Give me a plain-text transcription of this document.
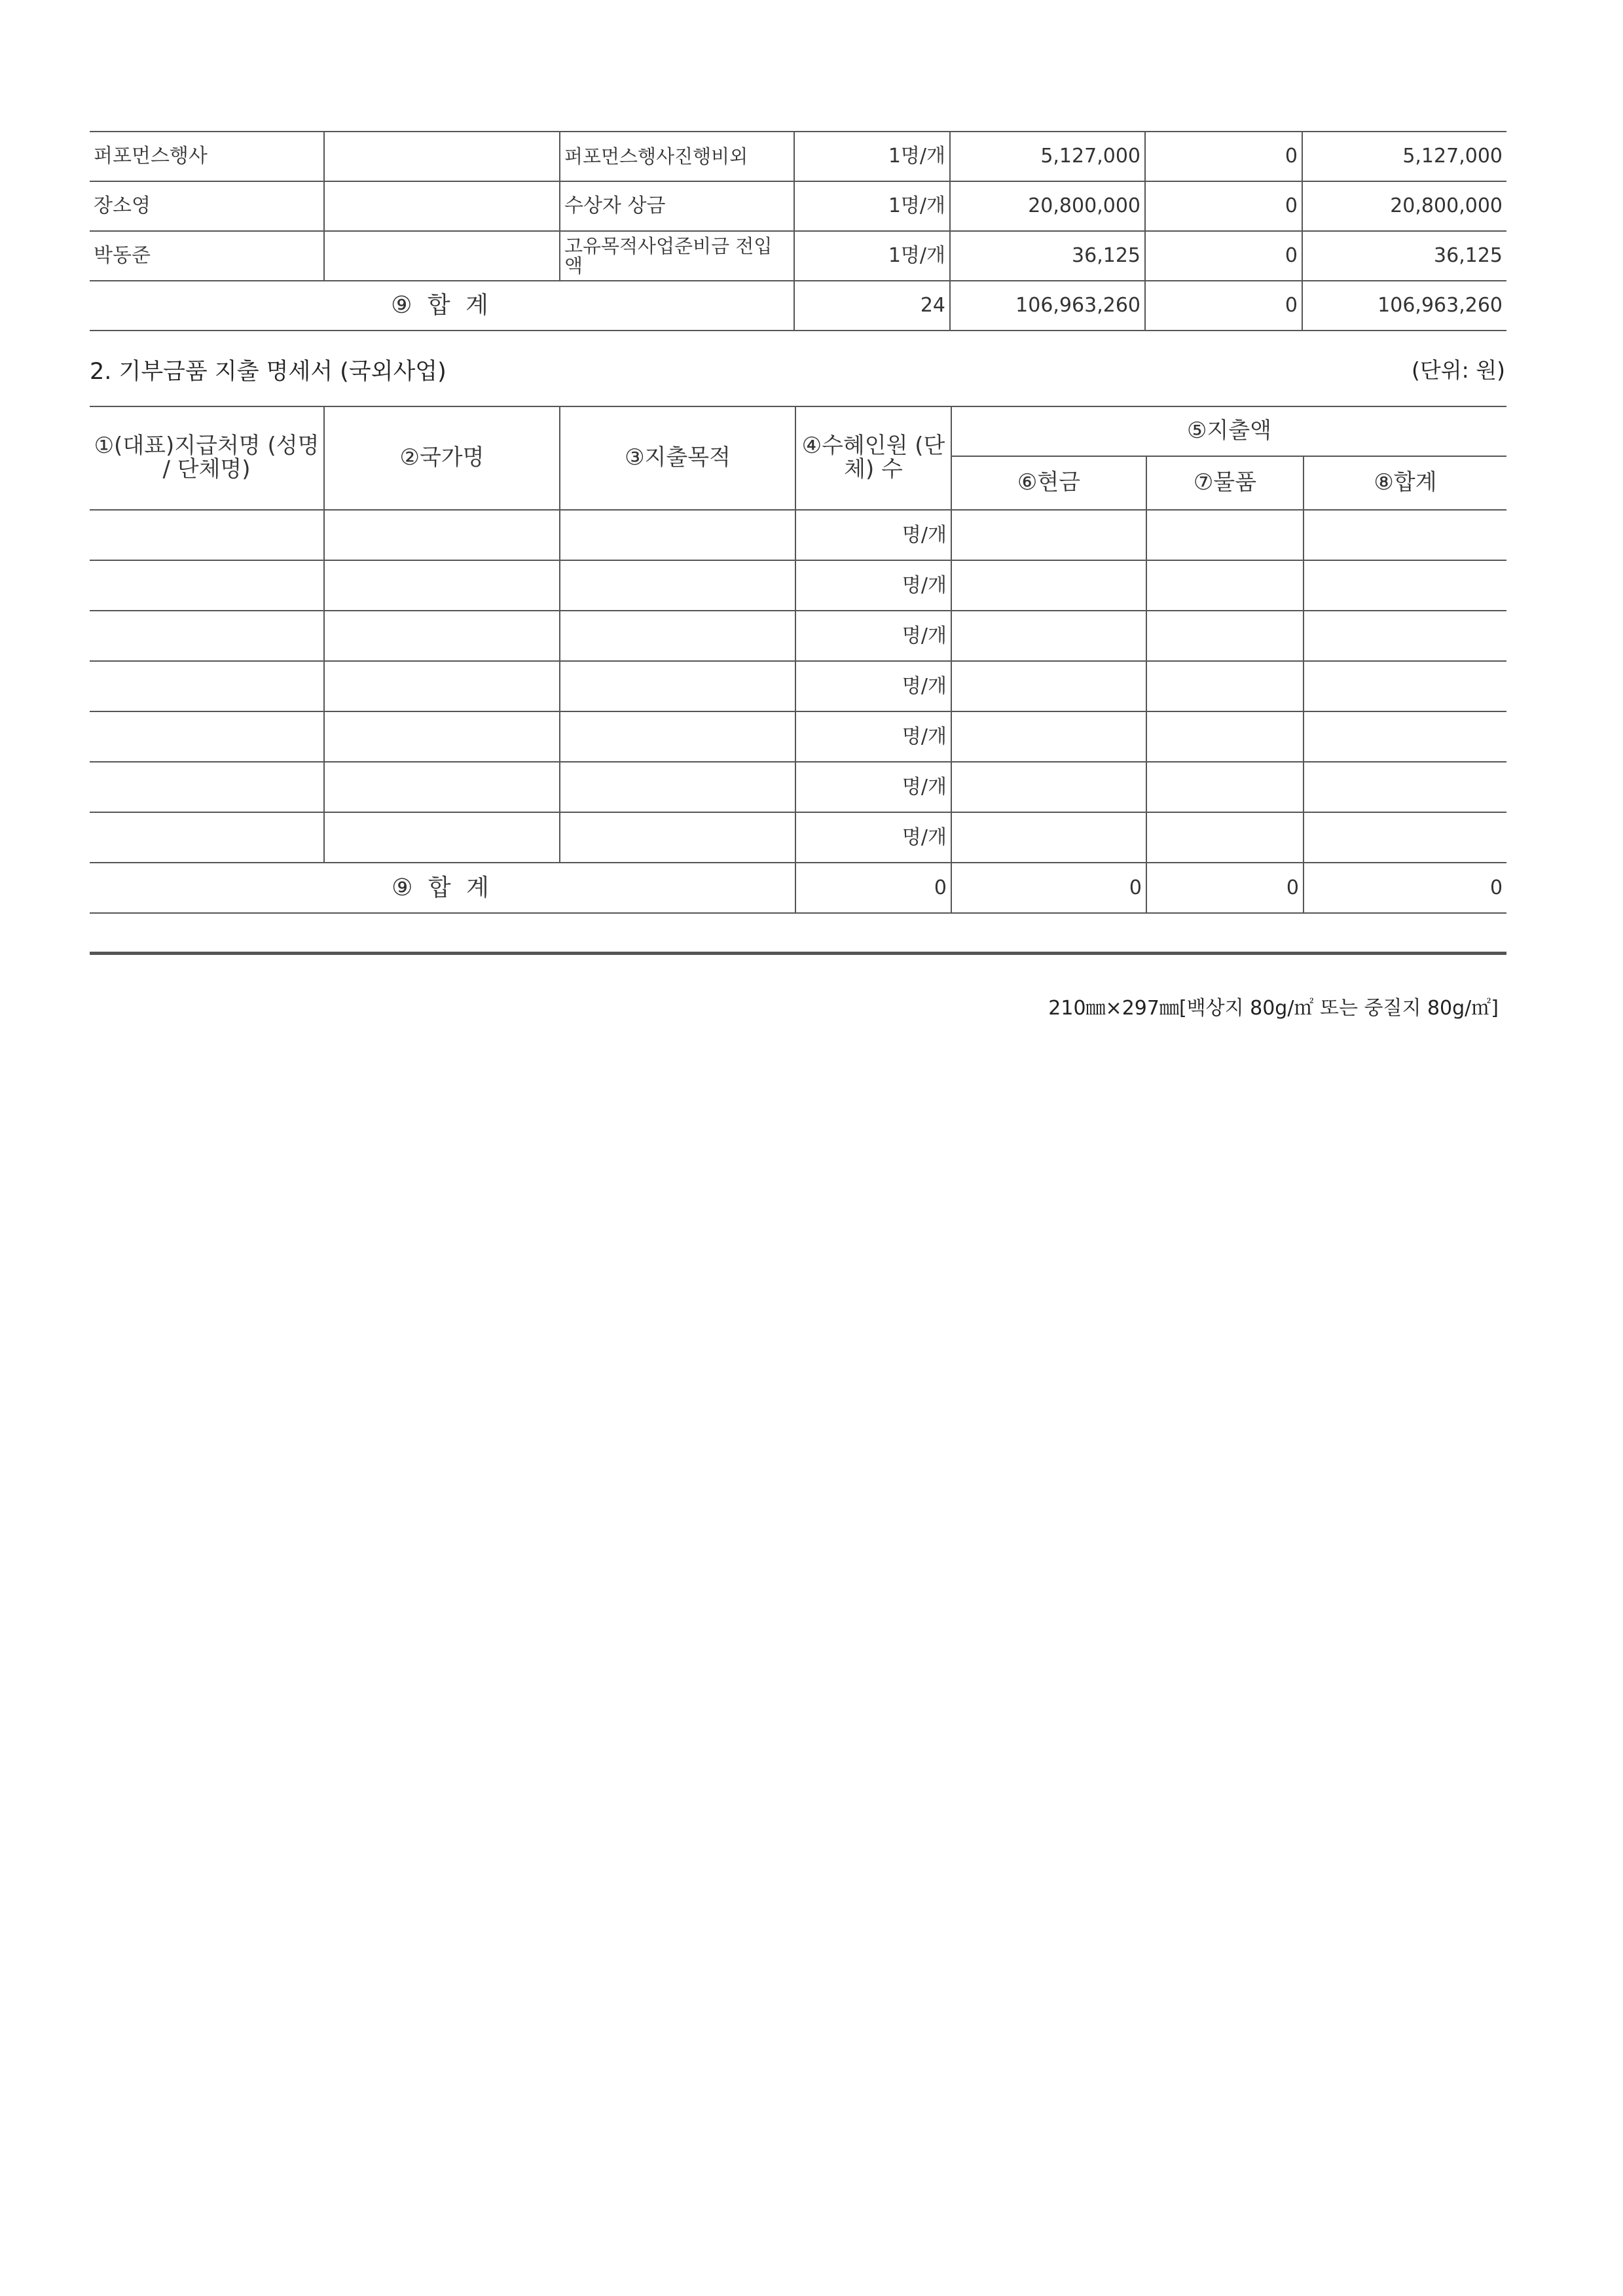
퍼포먼스행사		퍼포먼스행사진행비외	1명/개	5,127,000	0	5,127,000
장소영		수상자 상금	1명/개	20,800,000	0	20,800,000
박동준		고유목적사업준비금 전입액	1명/개	36,125	0	36,125
⑨ 합 계			24	106,963,260	0	106,963,260
2. 기부금품 지출 명세서 (국외사업)	(단위: 원)
①(대표)지급처명 (성명 / 단체명)	②국가명	③지출목적	④수혜인원 (단체) 수	⑤지출액		
				⑥현금	⑦물품	⑧합계
			명/개			
			명/개			
			명/개			
			명/개			
			명/개			
			명/개			
			명/개			
⑨ 합 계			0	0	0	0
210㎜×297㎜[백상지 80g/㎡ 또는 중질지 80g/㎡]
